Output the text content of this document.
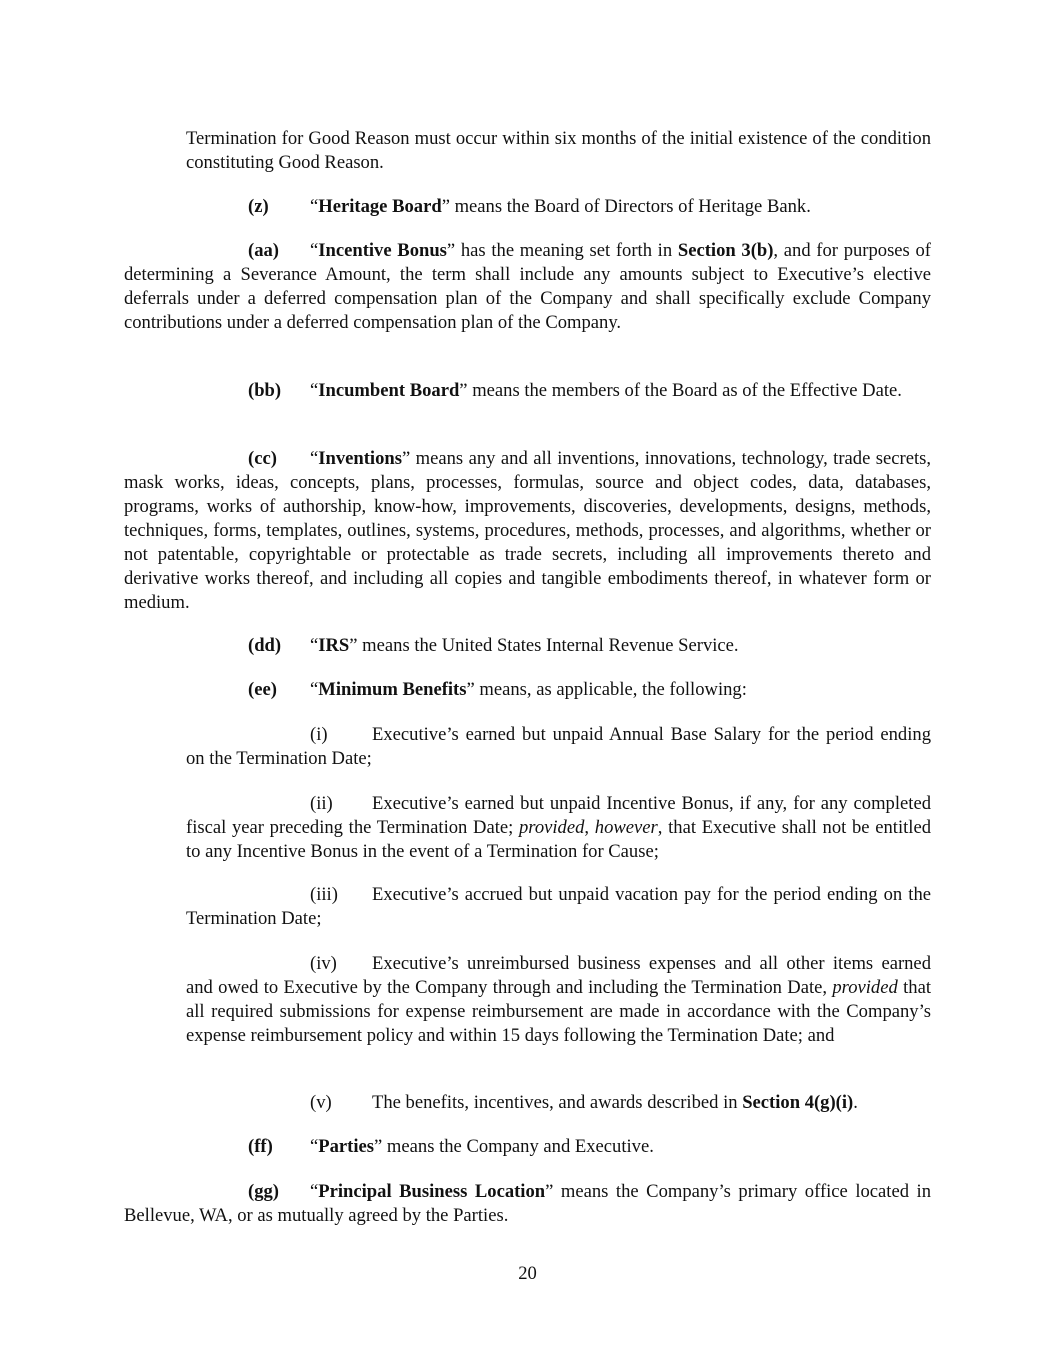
Termination for Good Reason must occur within six months of the initial existence of the condition constituting Good Reason.

(z) “Heritage Board” means the Board of Directors of Heritage Bank.

(aa) “Incentive Bonus” has the meaning set forth in Section 3(b), and for purposes of determining a Severance Amount, the term shall include any amounts subject to Executive’s elective deferrals under a deferred compensation plan of the Company and shall specifically exclude Company contributions under a deferred compensation plan of the Company.

(bb) “Incumbent Board” means the members of the Board as of the Effective Date.

(cc) “Inventions” means any and all inventions, innovations, technology, trade secrets, mask works, ideas, concepts, plans, processes, formulas, source and object codes, data, databases, programs, works of authorship, know-how, improvements, discoveries, developments, designs, methods, techniques, forms, templates, outlines, systems, procedures, methods, processes, and algorithms, whether or not patentable, copyrightable or protectable as trade secrets, including all improvements thereto and derivative works thereof, and including all copies and tangible embodiments thereof, in whatever form or medium.

(dd) “IRS” means the United States Internal Revenue Service.

(ee) “Minimum Benefits” means, as applicable, the following:

(i) Executive’s earned but unpaid Annual Base Salary for the period ending on the Termination Date;

(ii) Executive’s earned but unpaid Incentive Bonus, if any, for any completed fiscal year preceding the Termination Date; provided, however, that Executive shall not be entitled to any Incentive Bonus in the event of a Termination for Cause;

(iii) Executive’s accrued but unpaid vacation pay for the period ending on the Termination Date;

(iv) Executive’s unreimbursed business expenses and all other items earned and owed to Executive by the Company through and including the Termination Date, provided that all required submissions for expense reimbursement are made in accordance with the Company’s expense reimbursement policy and within 15 days following the Termination Date; and

(v) The benefits, incentives, and awards described in Section 4(g)(i).

(ff) “Parties” means the Company and Executive.

(gg) “Principal Business Location” means the Company’s primary office located in Bellevue, WA, or as mutually agreed by the Parties.

20
